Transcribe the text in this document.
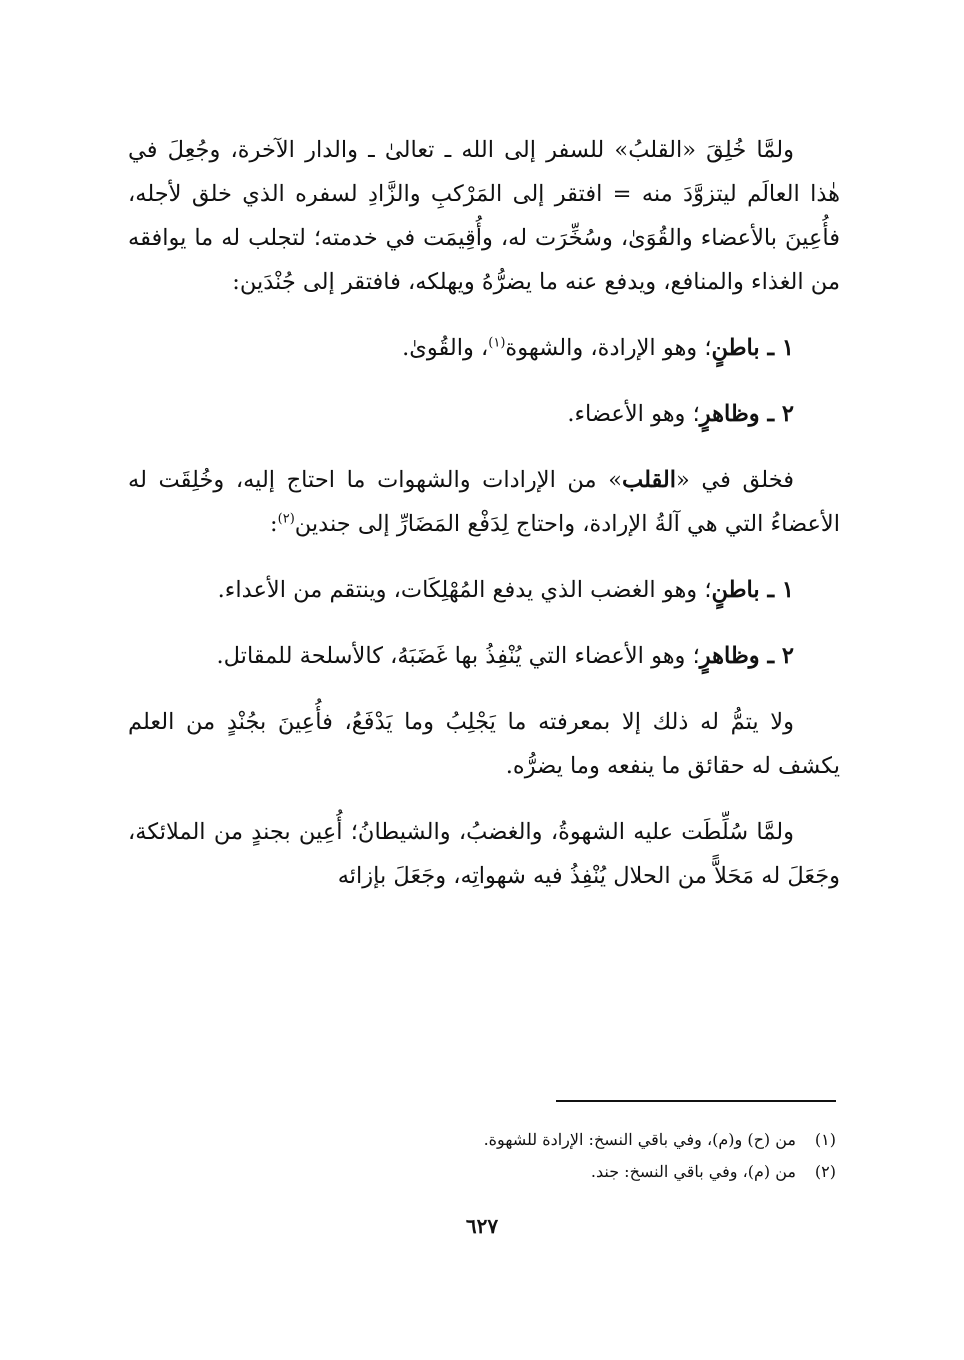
ولمَّا خُلِقَ «القلبُ» للسفر إلى الله ـ تعالىٰ ـ والدار الآخرة، وجُعِلَ في هٰذا العالَم ليتزوَّدَ منه = افتقر إلى المَرْكبِ والزَّادِ لسفره الذي خلق لأجله، فأُعِينَ بالأعضاء والقُوَىٰ، وسُخِّرَت له، وأُقِيمَت في خدمته؛ لتجلب له ما يوافقه من الغذاء والمنافع، ويدفع عنه ما يضرُّهُ ويهلكه، فافتقر إلى جُنْدَين:

١ ـ باطنٍ؛ وهو الإرادة، والشهوة$^{(١)}$، والقُوىٰ.

٢ ـ وظاهرٍ؛ وهو الأعضاء.

فخلق في «القلب» من الإرادات والشهوات ما احتاج إليه، وخُلِقَت له الأعضاءُ التي هي آلةُ الإرادة، واحتاج لِدَفْع المَضَارِّ إلى جندين$^{(٢)}$:

١ ـ باطنٍ؛ وهو الغضب الذي يدفع المُهْلِكَات، وينتقم من الأعداء.

٢ ـ وظاهرٍ؛ وهو الأعضاء التي يُنْفِذُ بها غَضَبَهُ، كالأسلحة للمقاتل.

ولا يتمُّ له ذلك إلا بمعرفته ما يَجْلِبُ وما يَدْفَعُ، فأُعِينَ بجُنْدٍ من العلم يكشف له حقائق ما ينفعه وما يضرُّه.

ولمَّا سُلِّطَت عليه الشهوةُ، والغضبُ، والشيطانُ؛ أُعِين بجندٍ من الملائكة، وجَعَلَ له مَحَلاًّ من الحلال يُنْفِذُ فيه شهواتِه، وجَعَلَ بإزائه

(١)من (ح) و(م)، وفي باقي النسخ: الإرادة للشهوة.
(٢)من (م)، وفي باقي النسخ: جند.
٦٢٧
